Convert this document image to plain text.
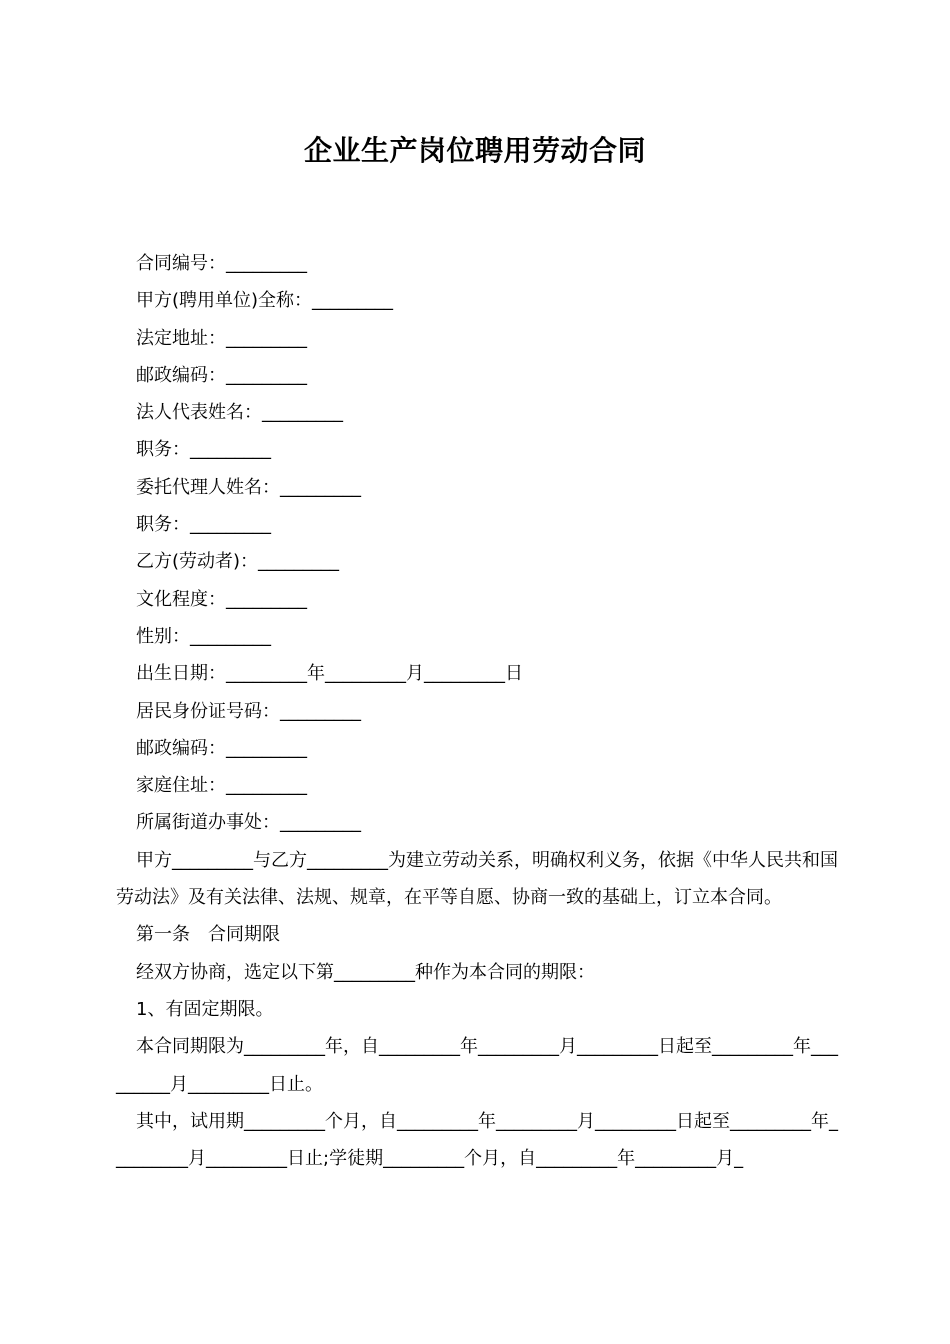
企业生产岗位聘用劳动合同
合同编号：_________
甲方(聘用单位)全称：_________
法定地址：_________
邮政编码：_________
法人代表姓名：_________
职务：_________
委托代理人姓名：_________
职务：_________
乙方(劳动者)：_________
文化程度：_________
性别：_________
出生日期：_________年_________月_________日
居民身份证号码：_________
邮政编码：_________
家庭住址：_________
所属街道办事处：_________
甲方_________与乙方_________为建立劳动关系，明确权利义务，依据《中华人民共和国劳动法》及有关法律、法规、规章，在平等自愿、协商一致的基础上，订立本合同。
第一条　合同期限
经双方协商，选定以下第_________种作为本合同的期限：
1、有固定期限。
本合同期限为_________年，自_________年_________月_________日起至_________年_________月_________日止。
其中，试用期_________个月，自_________年_________月_________日起至_________年_________月_________日止;学徒期_________个月，自_________年_________月_
